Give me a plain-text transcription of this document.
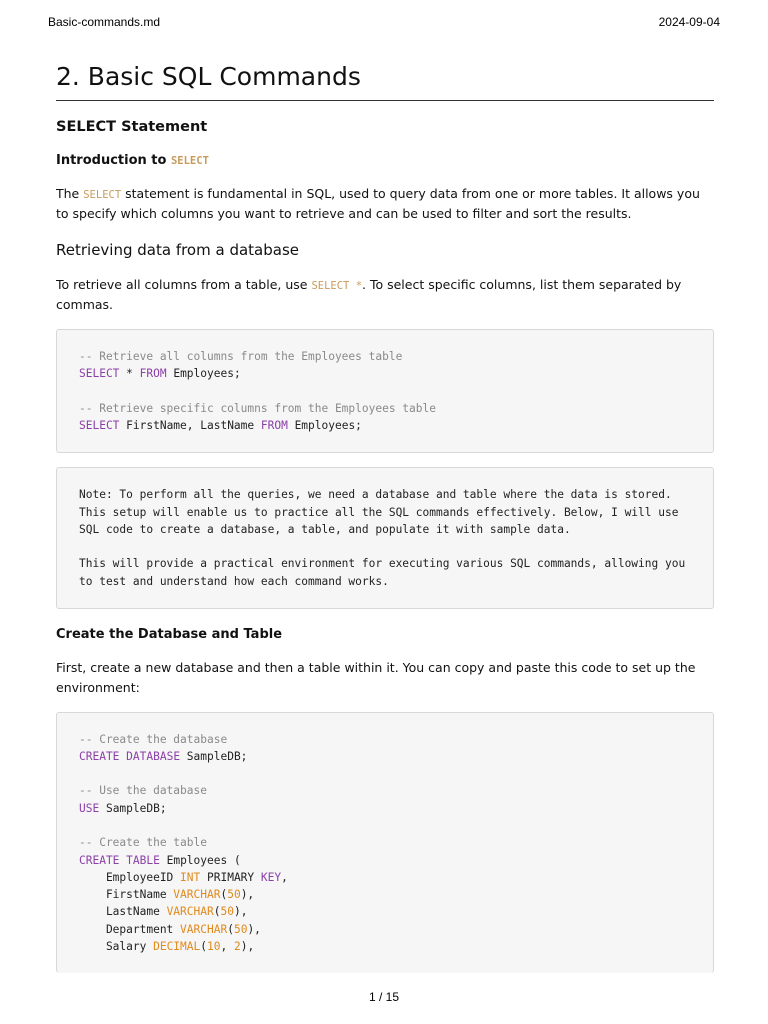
Basic-commands.md	2024-09-04
2. Basic SQL Commands
SELECT Statement
Introduction to SELECT

The SELECT statement is fundamental in SQL, used to query data from one or more tables. It allows you to specify which columns you want to retrieve and can be used to filter and sort the results.

Retrieving data from a database

To retrieve all columns from a table, use SELECT *. To select specific columns, list them separated by commas.

-- Retrieve all columns from the Employees table
SELECT * FROM Employees;
-- Retrieve specific columns from the Employees table
SELECT FirstName, LastName FROM Employees;

Note: To perform all the queries, we need a database and table where the data is stored. This setup will enable us to practice all the SQL commands effectively. Below, I will use SQL code to create a database, a table, and populate it with sample data.

This will provide a practical environment for executing various SQL commands, allowing you to test and understand how each command works.

Create the Database and Table

First, create a new database and then a table within it. You can copy and paste this code to set up the environment:

-- Create the database
CREATE DATABASE SampleDB;
-- Use the database
USE SampleDB;
-- Create the table
CREATE TABLE Employees (
EmployeeID INT PRIMARY KEY,
FirstName VARCHAR(50),
LastName VARCHAR(50),
Department VARCHAR(50),
Salary DECIMAL(10, 2),
1 / 15
